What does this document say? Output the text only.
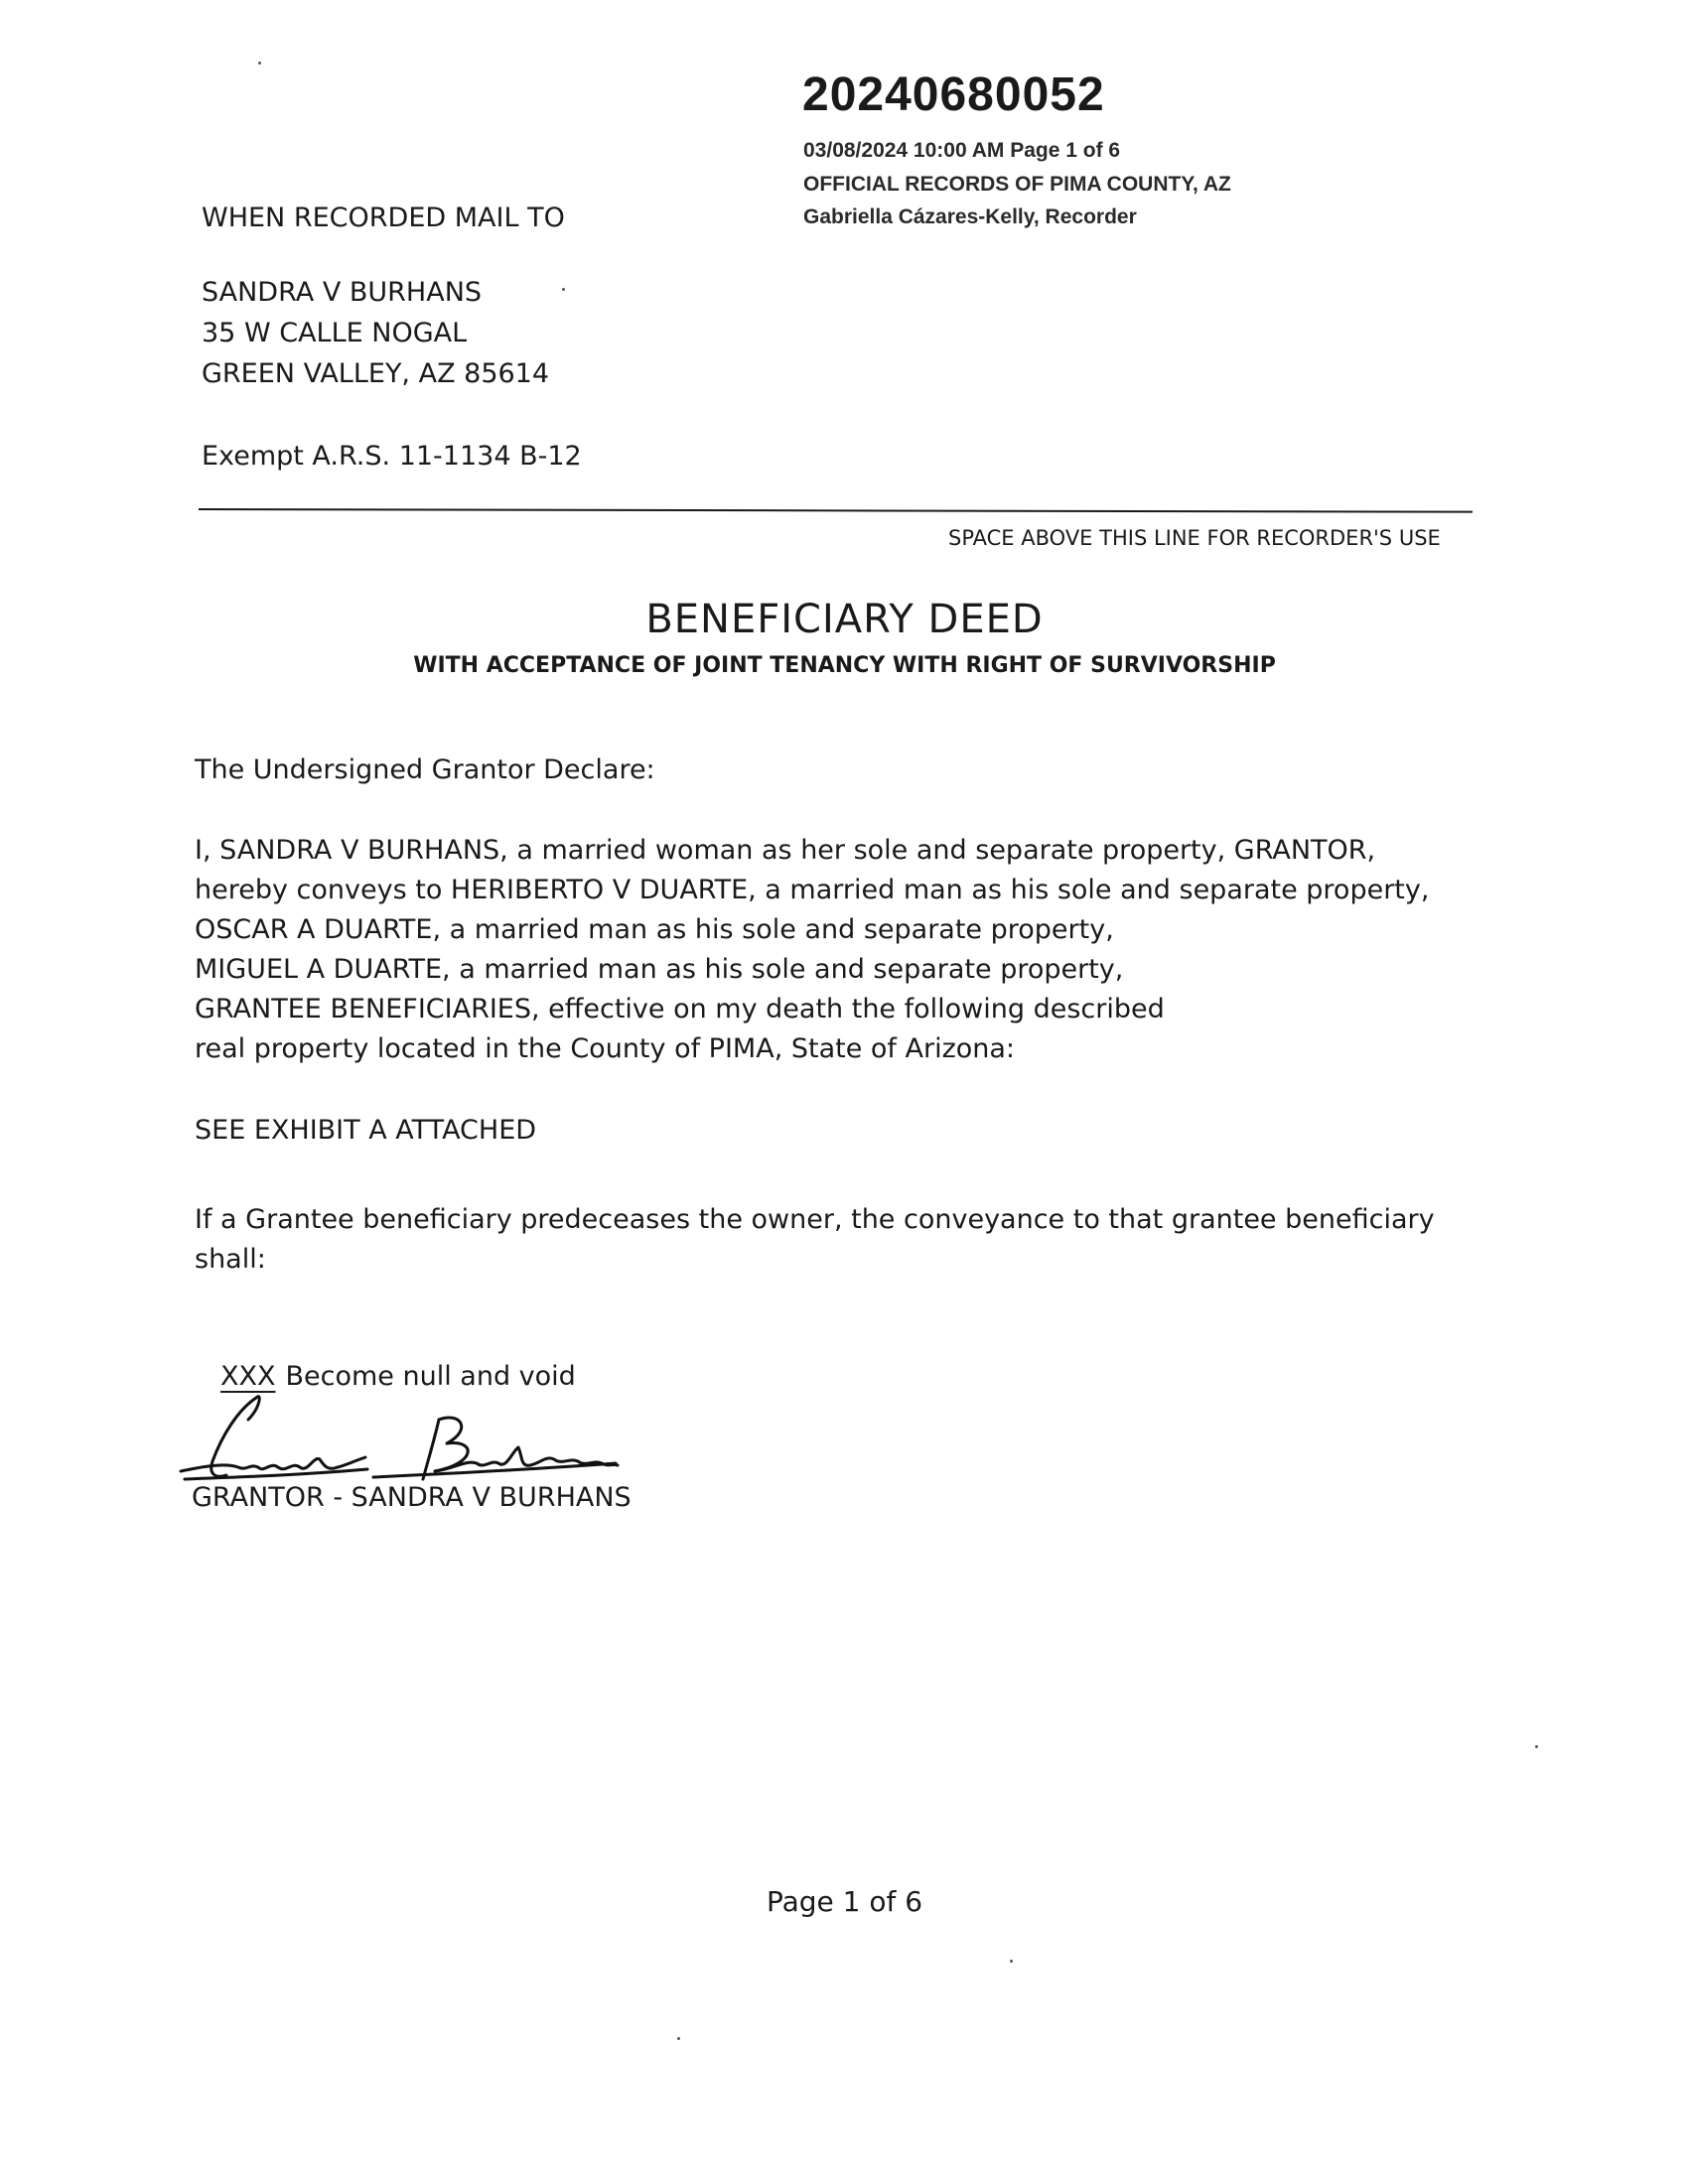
20240680052
03/08/2024 10:00 AM Page 1 of 6
OFFICIAL RECORDS OF PIMA COUNTY, AZ
Gabriella Cázares-Kelly, Recorder
WHEN RECORDED MAIL TO
SANDRA V BURHANS
35 W CALLE NOGAL
GREEN VALLEY, AZ 85614
Exempt A.R.S. 11-1134 B-12
SPACE ABOVE THIS LINE FOR RECORDER'S USE
BENEFICIARY DEED
WITH ACCEPTANCE OF JOINT TENANCY WITH RIGHT OF SURVIVORSHIP
The Undersigned Grantor Declare:
I, SANDRA V BURHANS, a married woman as her sole and separate property, GRANTOR,
hereby conveys to HERIBERTO V DUARTE, a married man as his sole and separate property,
OSCAR A DUARTE, a married man as his sole and separate property,
MIGUEL A DUARTE, a married man as his sole and separate property,
GRANTEE BENEFICIARIES, effective on my death the following described
real property located in the County of PIMA, State of Arizona:
SEE EXHIBIT A ATTACHED
If a Grantee beneficiary predeceases the owner, the conveyance to that grantee beneficiary
shall:
XXX Become null and void
GRANTOR - SANDRA V BURHANS
Page 1 of 6
